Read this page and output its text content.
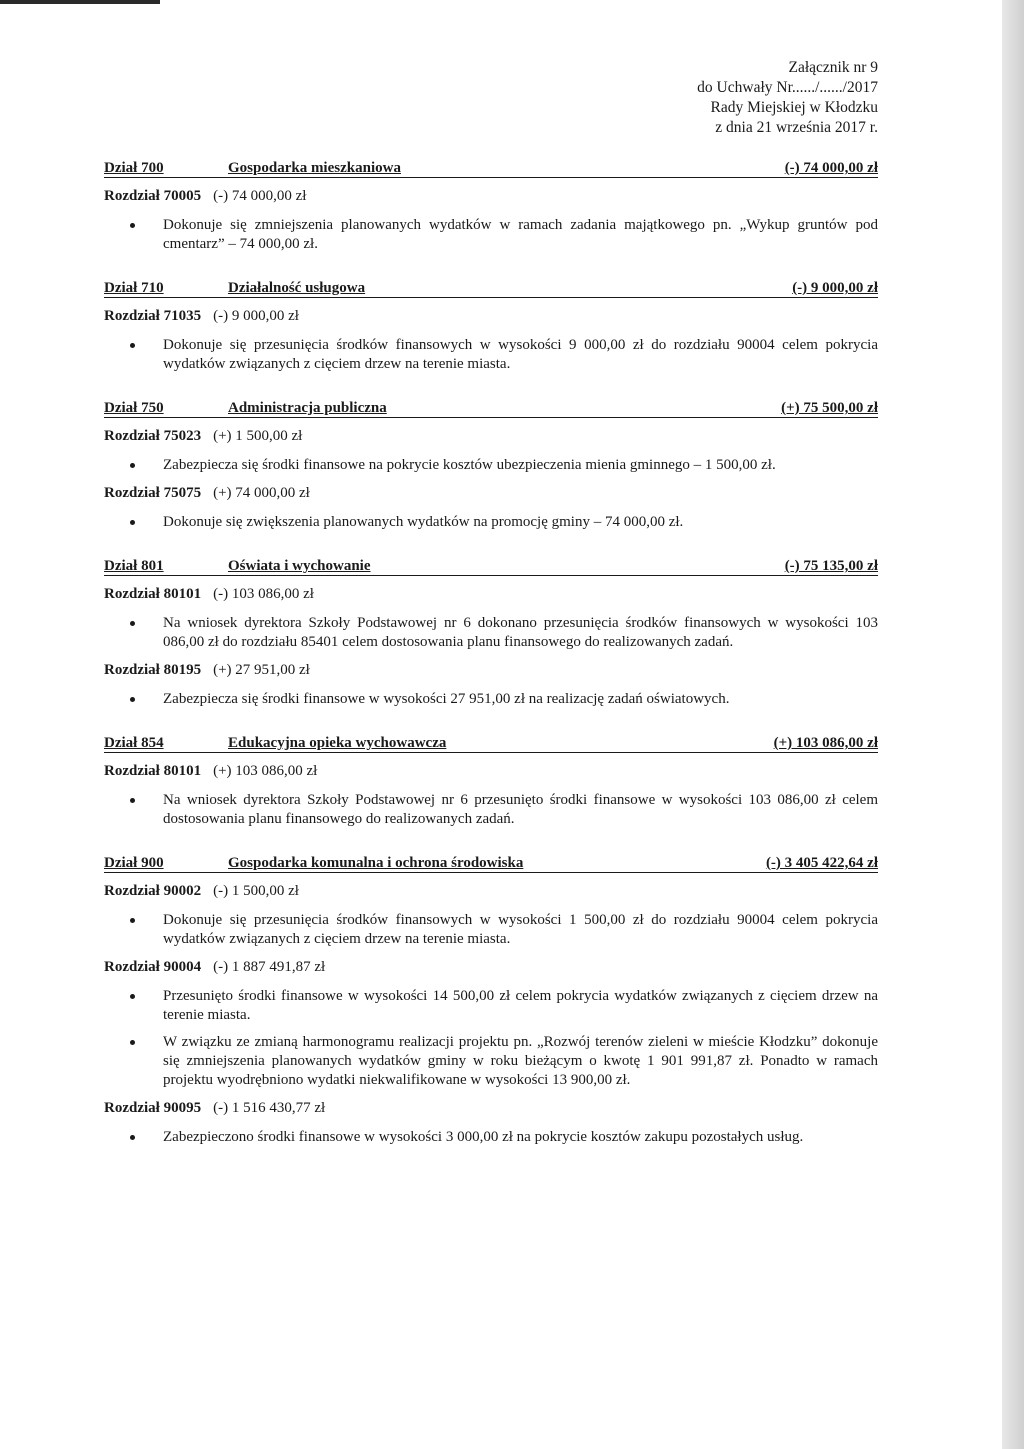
Załącznik nr 9
do Uchwały Nr....../....../2017
Rady Miejskiej w Kłodzku
z dnia 21 września 2017 r.
Dział 700	Gospodarka mieszkaniowa	(-) 74 000,00 zł
Rozdział 70005 (-) 74 000,00 zł
Dokonuje się zmniejszenia planowanych wydatków w ramach zadania majątkowego pn. „Wykup gruntów pod cmentarz” – 74 000,00 zł.
Dział 710	Działalność usługowa	(-) 9 000,00 zł
Rozdział 71035 (-) 9 000,00 zł
Dokonuje się przesunięcia środków finansowych w wysokości 9 000,00 zł do rozdziału 90004 celem pokrycia wydatków związanych z cięciem drzew na terenie miasta.
Dział 750	Administracja publiczna	(+) 75 500,00 zł
Rozdział 75023 (+) 1 500,00 zł
Zabezpiecza się środki finansowe na pokrycie kosztów ubezpieczenia mienia gminnego – 1 500,00 zł.
Rozdział 75075 (+) 74 000,00 zł
Dokonuje się zwiększenia planowanych wydatków na promocję gminy – 74 000,00 zł.
Dział 801	Oświata i wychowanie	(-) 75 135,00 zł
Rozdział 80101 (-) 103 086,00 zł
Na wniosek dyrektora Szkoły Podstawowej nr 6 dokonano przesunięcia środków finansowych w wysokości 103 086,00 zł do rozdziału 85401 celem dostosowania planu finansowego do realizowanych zadań.
Rozdział 80195 (+) 27 951,00 zł
Zabezpiecza się środki finansowe w wysokości 27 951,00 zł na realizację zadań oświatowych.
Dział 854	Edukacyjna opieka wychowawcza	(+) 103 086,00 zł
Rozdział 80101 (+) 103 086,00 zł
Na wniosek dyrektora Szkoły Podstawowej nr 6 przesunięto środki finansowe w wysokości 103 086,00 zł celem dostosowania planu finansowego do realizowanych zadań.
Dział 900	Gospodarka komunalna i ochrona środowiska	(-) 3 405 422,64 zł
Rozdział 90002 (-) 1 500,00 zł
Dokonuje się przesunięcia środków finansowych w wysokości 1 500,00 zł do rozdziału 90004 celem pokrycia wydatków związanych z cięciem drzew na terenie miasta.
Rozdział 90004 (-) 1 887 491,87 zł
Przesunięto środki finansowe w wysokości 14 500,00 zł celem pokrycia wydatków związanych z cięciem drzew na terenie miasta.
W związku ze zmianą harmonogramu realizacji projektu pn. „Rozwój terenów zieleni w mieście Kłodzku” dokonuje się zmniejszenia planowanych wydatków gminy w roku bieżącym o kwotę 1 901 991,87 zł. Ponadto w ramach projektu wyodrębniono wydatki niekwalifikowane w wysokości 13 900,00 zł.
Rozdział 90095 (-) 1 516 430,77 zł
Zabezpieczono środki finansowe w wysokości 3 000,00 zł na pokrycie kosztów zakupu pozostałych usług.
